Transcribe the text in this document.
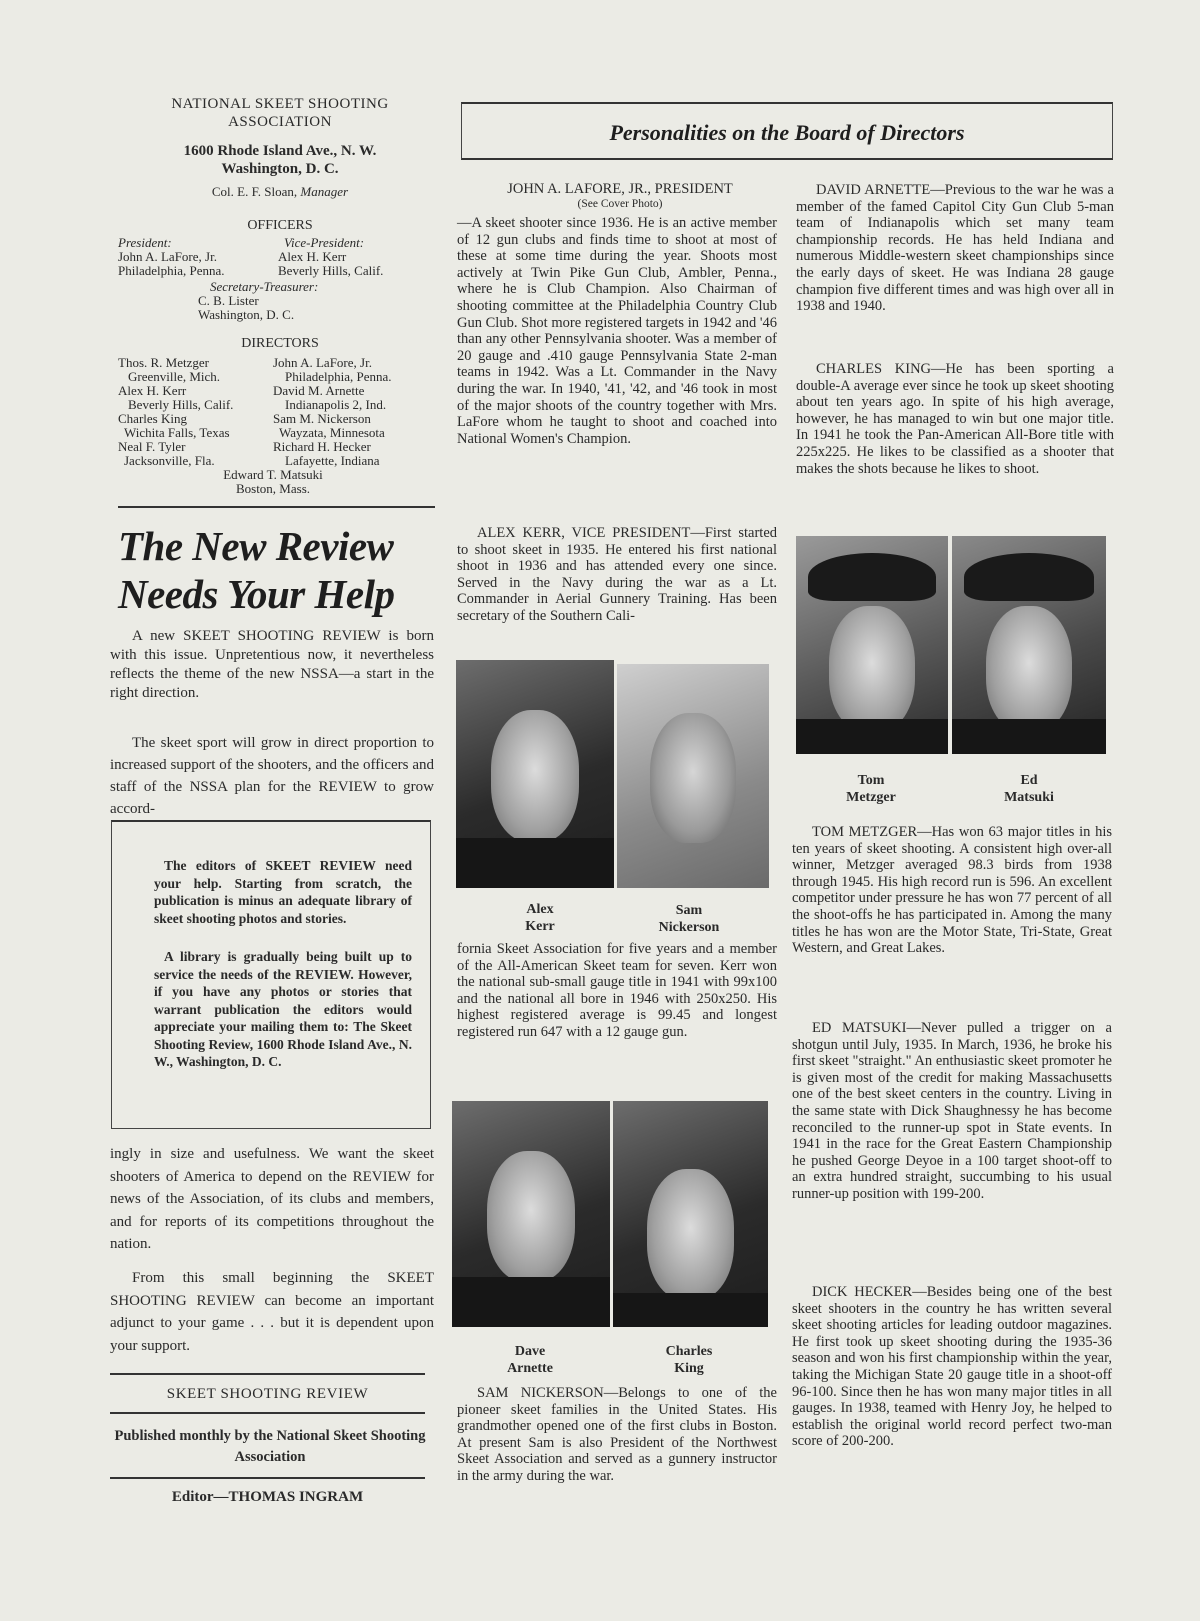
NATIONAL SKEET SHOOTING ASSOCIATION
1600 Rhode Island Ave., N. W.
Washington, D. C.
Col. E. F. Sloan, Manager
OFFICERS
President:
John A. LaFore, Jr.
Philadelphia, Penna.
Vice-President:
Alex H. Kerr
Beverly Hills, Calif.
Secretary-Treasurer:
C. B. Lister
Washington, D. C.
DIRECTORS
Thos. R. Metzger
Greenville, Mich.
John A. LaFore, Jr.
Philadelphia, Penna.
Alex H. Kerr
Beverly Hills, Calif.
David M. Arnette
Indianapolis 2, Ind.
Charles King
Wichita Falls, Texas
Sam M. Nickerson
Wayzata, Minnesota
Neal F. Tyler
Jacksonville, Fla.
Richard H. Hecker
Lafayette, Indiana
Edward T. Matsuki
Boston, Mass.
The New Review
Needs Your Help
A new SKEET SHOOTING REVIEW is born with this issue. Unpretentious now, it nevertheless reflects the theme of the new NSSA—a start in the right direction.
The skeet sport will grow in direct proportion to increased support of the shooters, and the officers and staff of the NSSA plan for the REVIEW to grow accord-
The editors of SKEET REVIEW need your help. Starting from scratch, the publication is minus an adequate library of skeet shooting photos and stories.
A library is gradually being built up to service the needs of the REVIEW. However, if you have any photos or stories that warrant publication the editors would appreciate your mailing them to: The Skeet Shooting Review, 1600 Rhode Island Ave., N. W., Washington, D. C.
ingly in size and usefulness. We want the skeet shooters of America to depend on the REVIEW for news of the Association, of its clubs and members, and for reports of its competitions throughout the nation.
From this small beginning the SKEET SHOOTING REVIEW can become an important adjunct to your game . . . but it is dependent upon your support.
SKEET SHOOTING REVIEW
Published monthly by the National Skeet Shooting Association
Editor—THOMAS INGRAM
Personalities on the Board of Directors
JOHN A. LAFORE, JR., PRESIDENT
(See Cover Photo)
—A skeet shooter since 1936. He is an active member of 12 gun clubs and finds time to shoot at most of these at some time during the year. Shoots most actively at Twin Pike Gun Club, Ambler, Penna., where he is Club Champion. Also Chairman of shooting committee at the Philadelphia Country Club Gun Club. Shot more registered targets in 1942 and '46 than any other Pennsylvania shooter. Was a member of 20 gauge and .410 gauge Pennsylvania State 2-man teams in 1942. Was a Lt. Commander in the Navy during the war. In 1940, '41, '42, and '46 took in most of the major shoots of the country together with Mrs. LaFore whom he taught to shoot and coached into National Women's Champion.
ALEX KERR, VICE PRESIDENT—First started to shoot skeet in 1935. He entered his first national shoot in 1936 and has attended every one since. Served in the Navy during the war as a Lt. Commander in Aerial Gunnery Training. Has been secretary of the Southern Cali-
Alex
Kerr
Sam
Nickerson
fornia Skeet Association for five years and a member of the All-American Skeet team for seven. Kerr won the national sub-small gauge title in 1941 with 99x100 and the national all bore in 1946 with 250x250. His highest registered average is 99.45 and longest registered run 647 with a 12 gauge gun.
Dave
Arnette
Charles
King
SAM NICKERSON—Belongs to one of the pioneer skeet families in the United States. His grandmother opened one of the first clubs in Boston. At present Sam is also President of the Northwest Skeet Association and served as a gunnery instructor in the army during the war.
DAVID ARNETTE—Previous to the war he was a member of the famed Capitol City Gun Club 5-man team of Indianapolis which set many team championship records. He has held Indiana and numerous Middle-western skeet championships since the early days of skeet. He was Indiana 28 gauge champion five different times and was high over all in 1938 and 1940.
CHARLES KING—He has been sporting a double-A average ever since he took up skeet shooting about ten years ago. In spite of his high average, however, he has managed to win but one major title. In 1941 he took the Pan-American All-Bore title with 225x225. He likes to be classified as a shooter that makes the shots because he likes to shoot.
Tom
Metzger
Ed
Matsuki
TOM METZGER—Has won 63 major titles in his ten years of skeet shooting. A consistent high over-all winner, Metzger averaged 98.3 birds from 1938 through 1945. His high record run is 596. An excellent competitor under pressure he has won 77 percent of all the shoot-offs he has participated in. Among the many titles he has won are the Motor State, Tri-State, Great Western, and Great Lakes.
ED MATSUKI—Never pulled a trigger on a shotgun until July, 1935. In March, 1936, he broke his first skeet "straight." An enthusiastic skeet promoter he is given most of the credit for making Massachusetts one of the best skeet centers in the country. Living in the same state with Dick Shaughnessy he has become reconciled to the runner-up spot in State events. In 1941 in the race for the Great Eastern Championship he pushed George Deyoe in a 100 target shoot-off to an extra hundred straight, succumbing to his usual runner-up position with 199-200.
DICK HECKER—Besides being one of the best skeet shooters in the country he has written several skeet shooting articles for leading outdoor magazines. He first took up skeet shooting during the 1935-36 season and won his first championship within the year, taking the Michigan State 20 gauge title in a shoot-off 96-100. Since then he has won many major titles in all gauges. In 1938, teamed with Henry Joy, he helped to establish the original world record perfect two-man score of 200-200.
